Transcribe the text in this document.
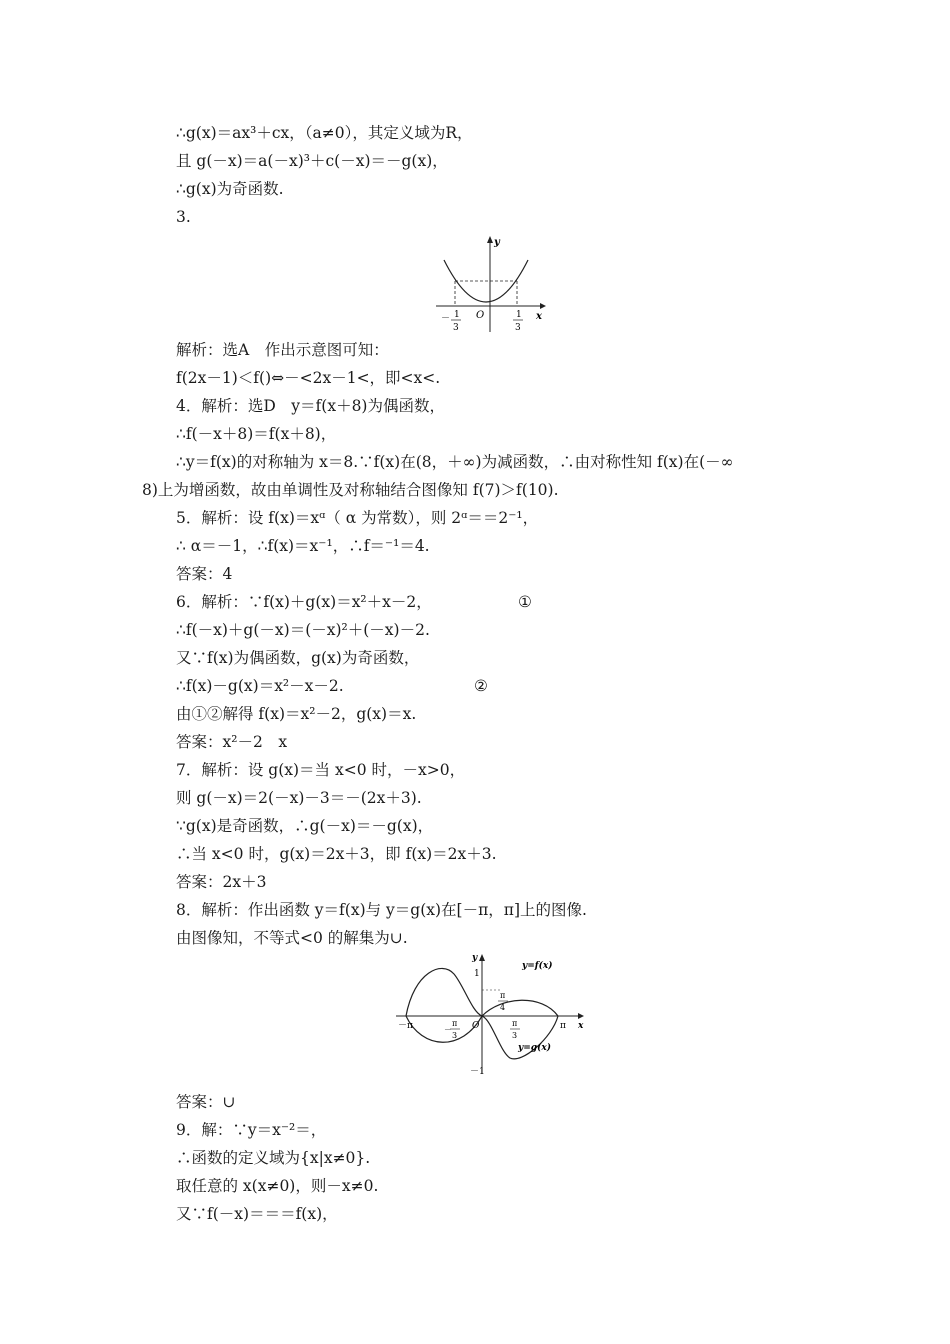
∴g(x)＝ax³＋cx，（a≠0），其定义域为R，
且 g(－x)＝a(－x)³＋c(－x)＝－g(x)，
∴g(x)为奇函数.
3.
y
x
O
－ 1
3
1
3
解析：选A　作出示意图可知：
f(2x－1)＜f()⇔－<2x－1<，即<x<.
4．解析：选D　y＝f(x＋8)为偶函数，
∴f(－x＋8)＝f(x＋8)，
∴y＝f(x)的对称轴为 x＝8.∵f(x)在(8，＋∞)为减函数，∴由对称性知 f(x)在(－∞
8)上为增函数，故由单调性及对称轴结合图像知 f(7)＞f(10).
5．解析：设 f(x)＝xᵅ（ α 为常数），则 2ᵅ＝＝2⁻¹，
∴ α＝－1，∴f(x)＝x⁻¹，∴f＝⁻¹＝4.
答案：4
6．解析：∵f(x)＋g(x)＝x²＋x－2，	①
∴f(－x)＋g(－x)＝(－x)²＋(－x)－2.
又∵f(x)为偶函数，g(x)为奇函数，
∴f(x)－g(x)＝x²－x－2.	②
由①②解得 f(x)＝x²－2，g(x)＝x.
答案：x²－2　x
7．解析：设 g(x)＝当 x<0 时，－x>0，
则 g(－x)＝2(－x)－3＝－(2x＋3).
∵g(x)是奇函数，∴g(－x)＝－g(x)，
∴当 x<0 时，g(x)＝2x＋3，即 f(x)＝2x＋3.
答案：2x＋3
8．解析：作出函数 y＝f(x)与 y＝g(x)在[－π，π]上的图像.
由图像知，不等式<0 的解集为∪.
y
x
1
－1
O
－π	π
－
π
3
π
3
π
4
y=f(x)
y=g(x)
答案：∪
9．解：∵y＝x⁻²＝，
∴函数的定义域为{x|x≠0}.
取任意的 x(x≠0)，则－x≠0.
又∵f(－x)＝＝＝f(x)，
